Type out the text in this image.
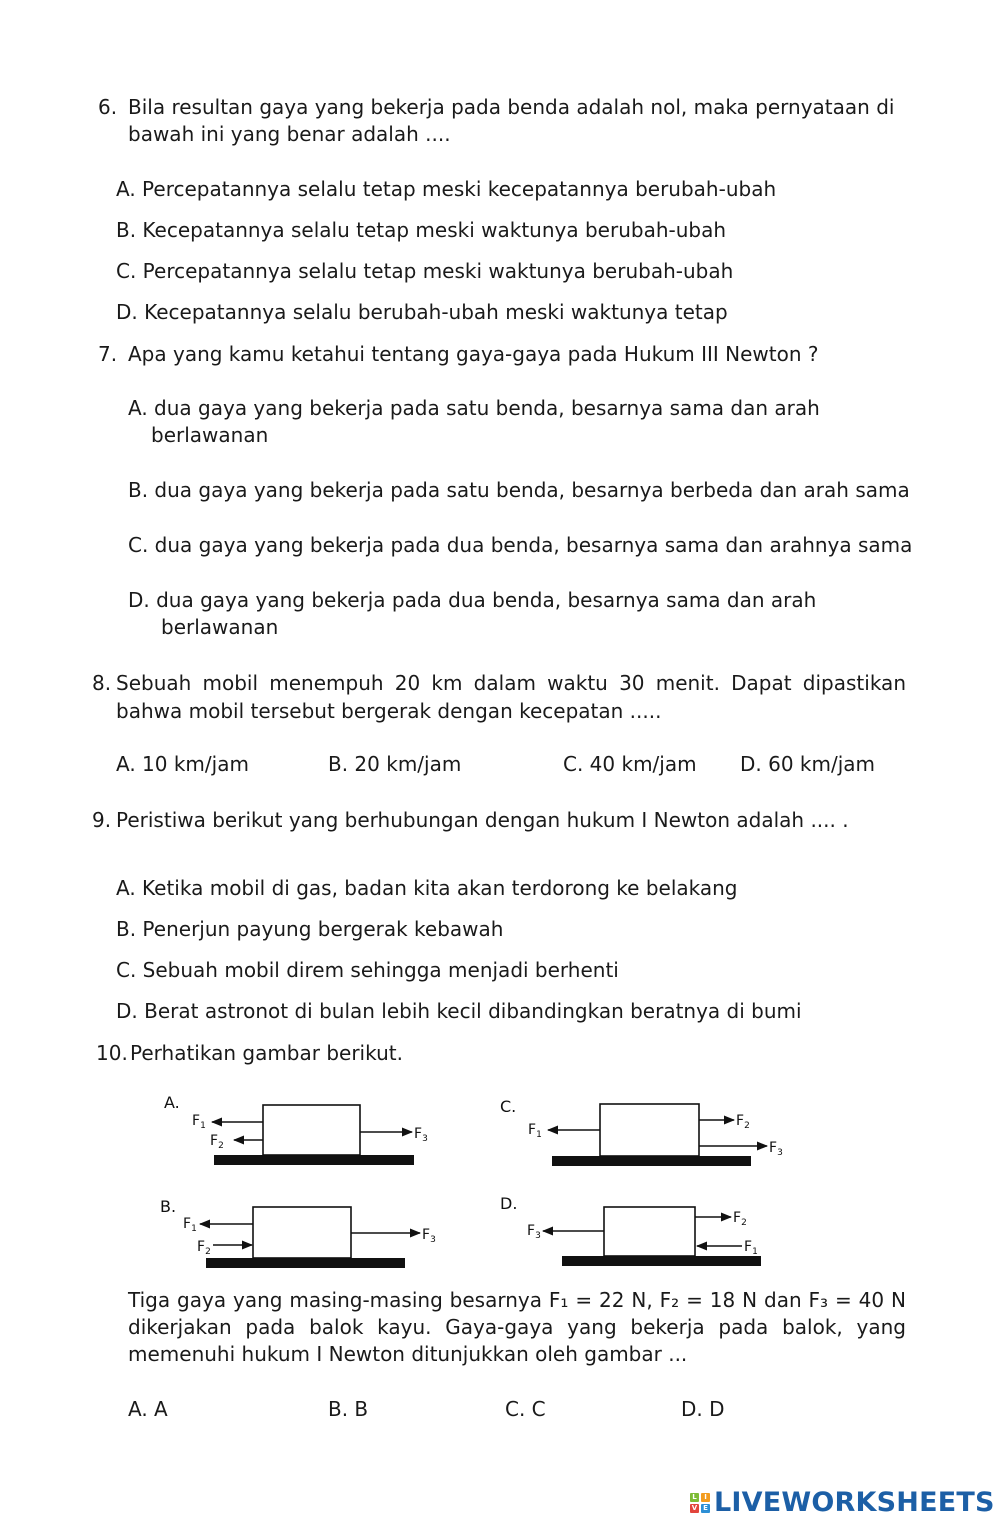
6. Bila resultan gaya yang bekerja pada benda adalah nol, maka pernyataan di
bawah ini yang benar adalah ....
A. Percepatannya selalu tetap meski kecepatannya berubah-ubah
B. Kecepatannya selalu tetap meski waktunya berubah-ubah
C. Percepatannya selalu tetap meski waktunya berubah-ubah
D. Kecepatannya selalu berubah-ubah meski waktunya tetap
7. Apa yang kamu ketahui tentang gaya-gaya pada Hukum III Newton ?
A. dua gaya yang bekerja pada satu benda, besarnya sama dan arah
berlawanan
B. dua gaya yang bekerja pada satu benda, besarnya berbeda dan arah sama
C. dua gaya yang bekerja pada dua benda, besarnya sama dan arahnya sama
D. dua gaya yang bekerja pada dua benda, besarnya sama dan arah
berlawanan
8. Sebuah mobil menempuh 20 km dalam waktu 30 menit. Dapat dipastikan
bahwa mobil tersebut bergerak dengan kecepatan .....
A. 10 km/jam	B. 20 km/jam	C. 40 km/jam D. 60 km/jam
9. Peristiwa berikut yang berhubungan dengan hukum I Newton adalah .... .
A. Ketika mobil di gas, badan kita akan terdorong ke belakang
B. Penerjun payung bergerak kebawah
C. Sebuah mobil direm sehingga menjadi berhenti
D. Berat astronot di bulan lebih kecil dibandingkan beratnya di bumi
10. Perhatikan gambar berikut.
A.
$F_1$
$F_2$
$F_3$
B.
$F_1$
$F_2$
$F_3$
C.
$F_1$
$F_2$
$F_3$
D.
$F_3$
$F_2$
$F_1$
Tiga gaya yang masing-masing besarnya F₁ = 22 N, F₂ = 18 N dan F₃ = 40 N
dikerjakan pada balok kayu. Gaya-gaya yang bekerja pada balok, yang
memenuhi hukum I Newton ditunjukkan oleh gambar ...
A. A	B. B	C. C	D. D
L	I
V E LIVEWORKSHEETS
